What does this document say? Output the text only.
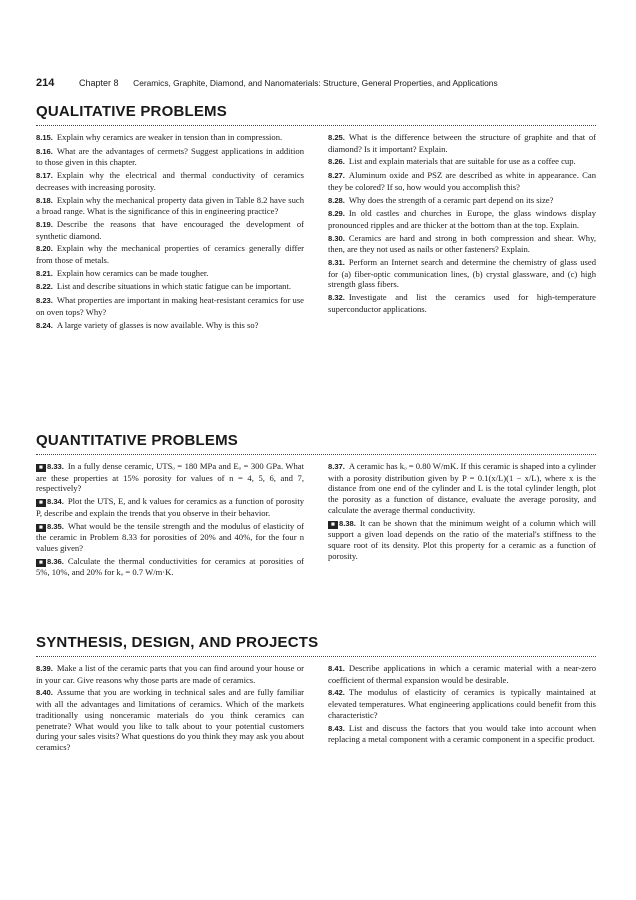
214	Chapter 8 Ceramics, Graphite, Diamond, and Nanomaterials: Structure, General Properties, and Applications
QUALITATIVE PROBLEMS

8.15. Explain why ceramics are weaker in tension than in compression.

8.16. What are the advantages of cermets? Suggest applications in addition to those given in this chapter.

8.17. Explain why the electrical and thermal conductivity of ceramics decreases with increasing porosity.

8.18. Explain why the mechanical property data given in Table 8.2 have such a broad range. What is the significance of this in engineering practice?

8.19. Describe the reasons that have encouraged the development of synthetic diamond.

8.20. Explain why the mechanical properties of ceramics generally differ from those of metals.

8.21. Explain how ceramics can be made tougher.

8.22. List and describe situations in which static fatigue can be important.

8.23. What properties are important in making heat-resistant ceramics for use on oven tops? Why?

8.24. A large variety of glasses is now available. Why is this so?

8.25. What is the difference between the structure of graphite and that of diamond? Is it important? Explain.

8.26. List and explain materials that are suitable for use as a coffee cup.

8.27. Aluminum oxide and PSZ are described as white in appearance. Can they be colored? If so, how would you accomplish this?

8.28. Why does the strength of a ceramic part depend on its size?

8.29. In old castles and churches in Europe, the glass windows display pronounced ripples and are thicker at the bottom than at the top. Explain.

8.30. Ceramics are hard and strong in both compression and shear. Why, then, are they not used as nails or other fasteners? Explain.

8.31. Perform an Internet search and determine the chemistry of glass used for (a) fiber-optic communication lines, (b) crystal glassware, and (c) high strength glass fibers.

8.32. Investigate and list the ceramics used for high-temperature superconductor applications.

QUANTITATIVE PROBLEMS

■ 8.33. In a fully dense ceramic, UTSₒ = 180 MPa and Eₒ = 300 GPa. What are these properties at 15% porosity for values of n = 4, 5, 6, and 7, respectively?

■ 8.34. Plot the UTS, E, and k values for ceramics as a function of porosity P, describe and explain the trends that you observe in their behavior.

■ 8.35. What would be the tensile strength and the modulus of elasticity of the ceramic in Problem 8.33 for porosities of 20% and 40%, for the four n values given?

■ 8.36. Calculate the thermal conductivities for ceramics at porosities of 5%, 10%, and 20% for kₒ = 0.7 W/m·K.

8.37. A ceramic has kₒ = 0.80 W/mK. If this ceramic is shaped into a cylinder with a porosity distribution given by P = 0.1(x/L)(1 − x/L), where x is the distance from one end of the cylinder and L is the total cylinder length, plot the porosity as a function of distance, evaluate the average porosity, and calculate the average thermal conductivity.

■ 8.38. It can be shown that the minimum weight of a column which will support a given load depends on the ratio of the material's stiffness to the square root of its density. Plot this property for a ceramic as a function of porosity.

SYNTHESIS, DESIGN, AND PROJECTS

8.39. Make a list of the ceramic parts that you can find around your house or in your car. Give reasons why those parts are made of ceramics.

8.40. Assume that you are working in technical sales and are fully familiar with all the advantages and limitations of ceramics. Which of the markets traditionally using nonceramic materials do you think ceramics can penetrate? What would you like to talk about to your potential customers during your sales visits? What questions do you think they may ask you about ceramics?

8.41. Describe applications in which a ceramic material with a near-zero coefficient of thermal expansion would be desirable.

8.42. The modulus of elasticity of ceramics is typically maintained at elevated temperatures. What engineering applications could benefit from this characteristic?

8.43. List and discuss the factors that you would take into account when replacing a metal component with a ceramic component in a specific product.
